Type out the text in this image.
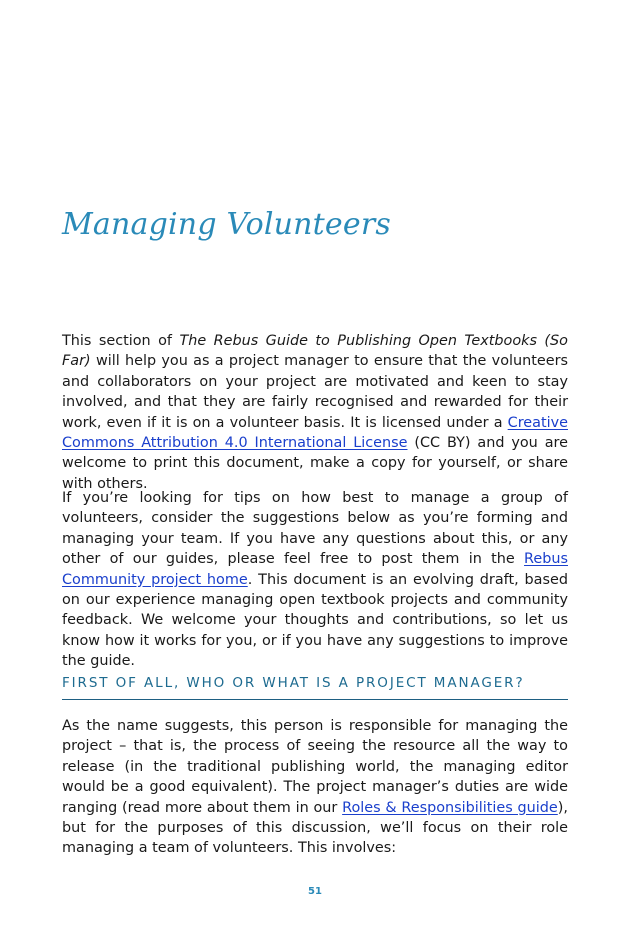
Managing Volunteers

This section of The Rebus Guide to Publishing Open Textbooks (So Far) will help you as a project manager to ensure that the volunteers and collaborators on your project are motivated and keen to stay involved, and that they are fairly recognised and rewarded for their work, even if it is on a volunteer basis. It is licensed under a Creative Commons Attribution 4.0 International License (CC BY) and you are welcome to print this document, make a copy for yourself, or share with others.

If you’re looking for tips on how best to manage a group of volunteers, consider the suggestions below as you’re forming and managing your team. If you have any questions about this, or any other of our guides, please feel free to post them in the Rebus Community project home. This document is an evolving draft, based on our experience managing open textbook projects and community feedback. We welcome your thoughts and contributions, so let us know how it works for you, or if you have any suggestions to improve the guide.

FIRST OF ALL, WHO OR WHAT IS A PROJECT MANAGER?

As the name suggests, this person is responsible for managing the project – that is, the process of seeing the resource all the way to release (in the traditional publishing world, the managing editor would be a good equivalent). The project manager’s duties are wide ranging (read more about them in our Roles & Responsibilities guide), but for the purposes of this discussion, we’ll focus on their role managing a team of volunteers. This involves:

51
